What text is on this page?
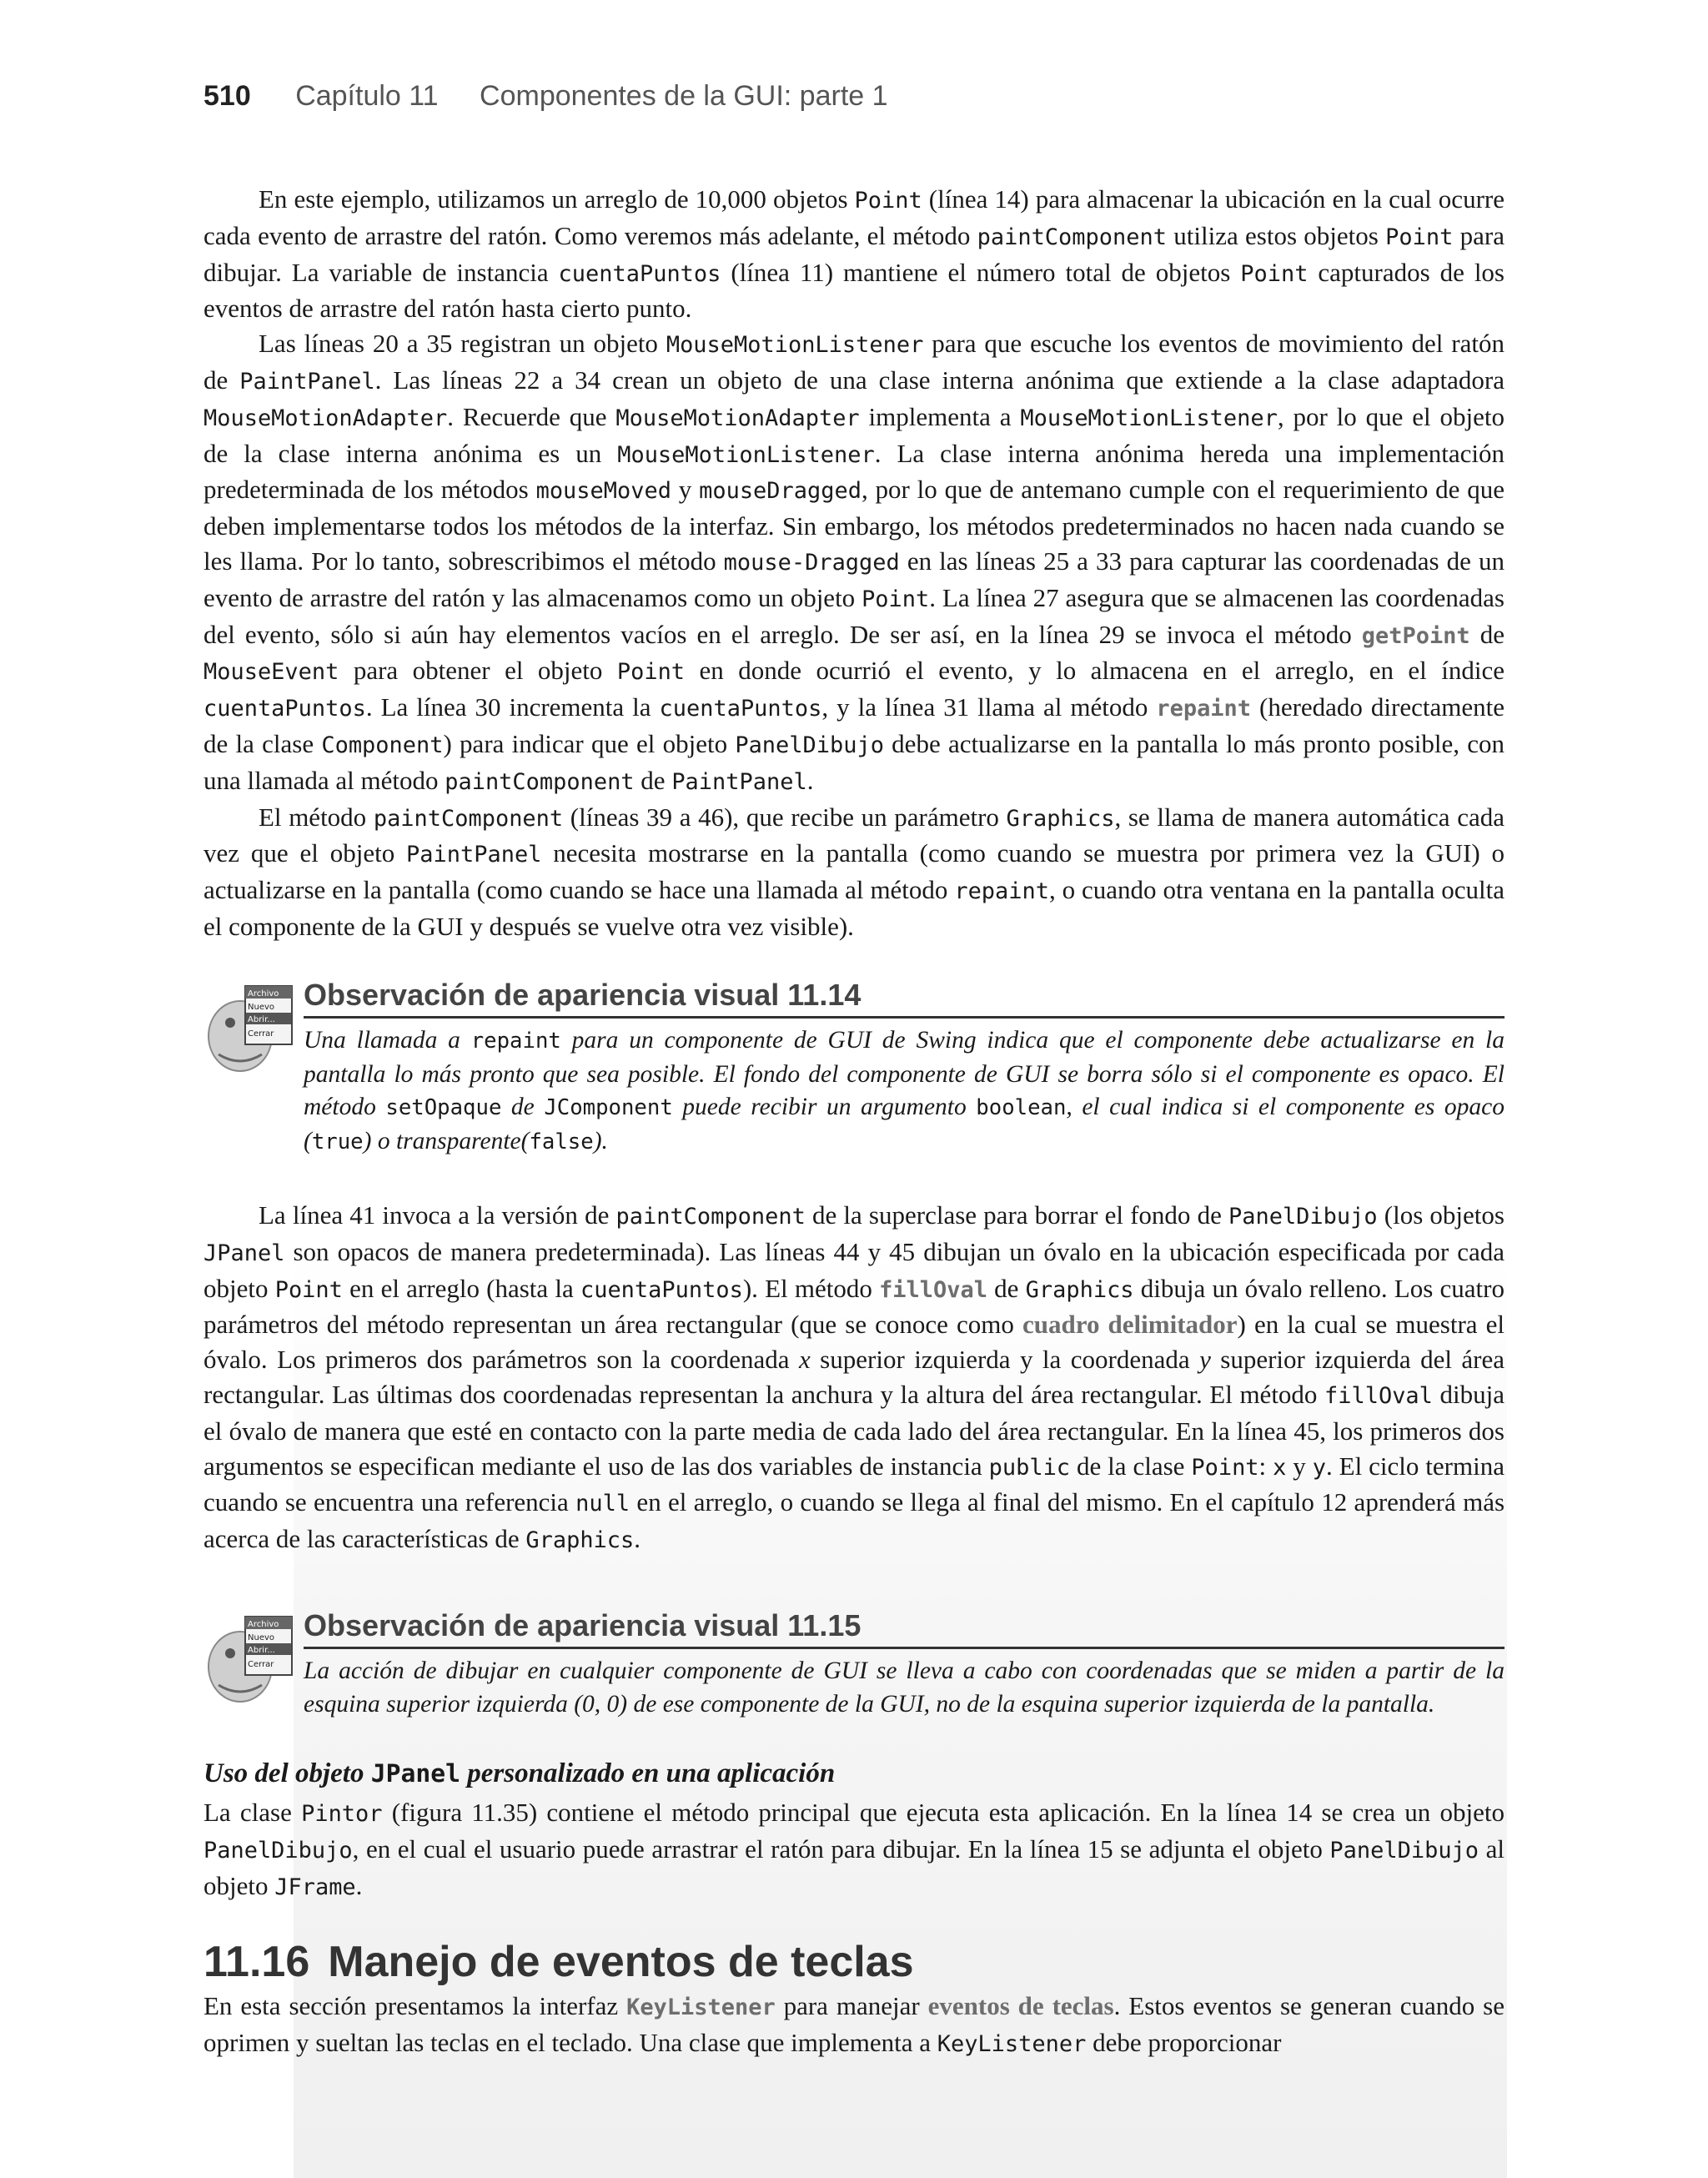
510 Capítulo 11 Componentes de la GUI: parte 1

En este ejemplo, utilizamos un arreglo de 10,000 objetos Point (línea 14) para almacenar la ubicación en la cual ocurre cada evento de arrastre del ratón. Como veremos más adelante, el método paintComponent utiliza estos objetos Point para dibujar. La variable de instancia cuentaPuntos (línea 11) mantiene el número total de objetos Point capturados de los eventos de arrastre del ratón hasta cierto punto.

Las líneas 20 a 35 registran un objeto MouseMotionListener para que escuche los eventos de movimiento del ratón de PaintPanel. Las líneas 22 a 34 crean un objeto de una clase interna anónima que extiende a la clase adaptadora MouseMotionAdapter. Recuerde que MouseMotionAdapter implementa a MouseMotionListener, por lo que el objeto de la clase interna anónima es un MouseMotionListener. La clase interna anónima hereda una implementación predeterminada de los métodos mouseMoved y mouseDragged, por lo que de antemano cumple con el requerimiento de que deben implementarse todos los métodos de la interfaz. Sin embargo, los métodos predeterminados no hacen nada cuando se les llama. Por lo tanto, sobrescribimos el método mouse-Dragged en las líneas 25 a 33 para capturar las coordenadas de un evento de arrastre del ratón y las almacenamos como un objeto Point. La línea 27 asegura que se almacenen las coordenadas del evento, sólo si aún hay elementos vacíos en el arreglo. De ser así, en la línea 29 se invoca el método getPoint de MouseEvent para obtener el objeto Point en donde ocurrió el evento, y lo almacena en el arreglo, en el índice cuentaPuntos. La línea 30 incrementa la cuentaPuntos, y la línea 31 llama al método repaint (heredado directamente de la clase Component) para indicar que el objeto PanelDibujo debe actualizarse en la pantalla lo más pronto posible, con una llamada al método paintComponent de PaintPanel.

El método paintComponent (líneas 39 a 46), que recibe un parámetro Graphics, se llama de manera automática cada vez que el objeto PaintPanel necesita mostrarse en la pantalla (como cuando se muestra por primera vez la GUI) o actualizarse en la pantalla (como cuando se hace una llamada al método repaint, o cuando otra ventana en la pantalla oculta el componente de la GUI y después se vuelve otra vez visible).

Archivo
Nuevo
Abrir...
Cerrar
Observación de apariencia visual 11.14
Una llamada a repaint para un componente de GUI de Swing indica que el componente debe actualizarse en la pantalla lo más pronto que sea posible. El fondo del componente de GUI se borra sólo si el componente es opaco. El método setOpaque de JComponent puede recibir un argumento boolean, el cual indica si el componente es opaco (true) o transparente(false).

La línea 41 invoca a la versión de paintComponent de la superclase para borrar el fondo de PanelDibujo (los objetos JPanel son opacos de manera predeterminada). Las líneas 44 y 45 dibujan un óvalo en la ubicación especificada por cada objeto Point en el arreglo (hasta la cuentaPuntos). El método fillOval de Graphics dibuja un óvalo relleno. Los cuatro parámetros del método representan un área rectangular (que se conoce como cuadro delimitador) en la cual se muestra el óvalo. Los primeros dos parámetros son la coordenada x superior izquierda y la coordenada y superior izquierda del área rectangular. Las últimas dos coordenadas representan la anchura y la altura del área rectangular. El método fillOval dibuja el óvalo de manera que esté en contacto con la parte media de cada lado del área rectangular. En la línea 45, los primeros dos argumentos se especifican mediante el uso de las dos variables de instancia public de la clase Point: x y y. El ciclo termina cuando se encuentra una referencia null en el arreglo, o cuando se llega al final del mismo. En el capítulo 12 aprenderá más acerca de las características de Graphics.

Archivo
Nuevo
Abrir...
Cerrar
Observación de apariencia visual 11.15
La acción de dibujar en cualquier componente de GUI se lleva a cabo con coordenadas que se miden a partir de la esquina superior izquierda (0, 0) de ese componente de la GUI, no de la esquina superior izquierda de la pantalla.
Uso del objeto JPanel personalizado en una aplicación

La clase Pintor (figura 11.35) contiene el método principal que ejecuta esta aplicación. En la línea 14 se crea un objeto PanelDibujo, en el cual el usuario puede arrastrar el ratón para dibujar. En la línea 15 se adjunta el objeto PanelDibujo al objeto JFrame.

11.16 Manejo de eventos de teclas

En esta sección presentamos la interfaz KeyListener para manejar eventos de teclas. Estos eventos se generan cuando se oprimen y sueltan las teclas en el teclado. Una clase que implementa a KeyListener debe proporcionar
